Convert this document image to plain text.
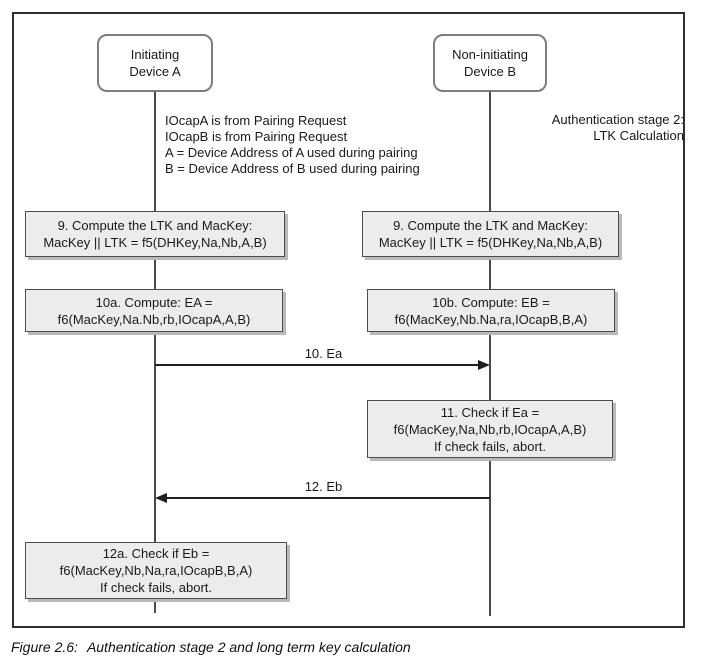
Initiating
Device A
Non-initiating
Device B
IOcapA is from Pairing Request
IOcapB is from Pairing Request
A = Device Address of A used during pairing
B = Device Address of B used during pairing
Authentication stage 2:
LTK Calculation
9. Compute the LTK and MacKey:
MacKey || LTK = f5(DHKey,Na,Nb,A,B)
9. Compute the LTK and MacKey:
MacKey || LTK = f5(DHKey,Na,Nb,A,B)
10a. Compute: EA =
f6(MacKey,Na.Nb,rb,IOcapA,A,B)
10b. Compute: EB =
f6(MacKey,Nb.Na,ra,IOcapB,B,A)
10. Ea
11. Check if Ea =
f6(MacKey,Na,Nb,rb,IOcapA,A,B)
If check fails, abort.
12. Eb
12a. Check if Eb =
f6(MacKey,Nb,Na,ra,IOcapB,B,A)
If check fails, abort.
Figure 2.6: Authentication stage 2 and long term key calculation
